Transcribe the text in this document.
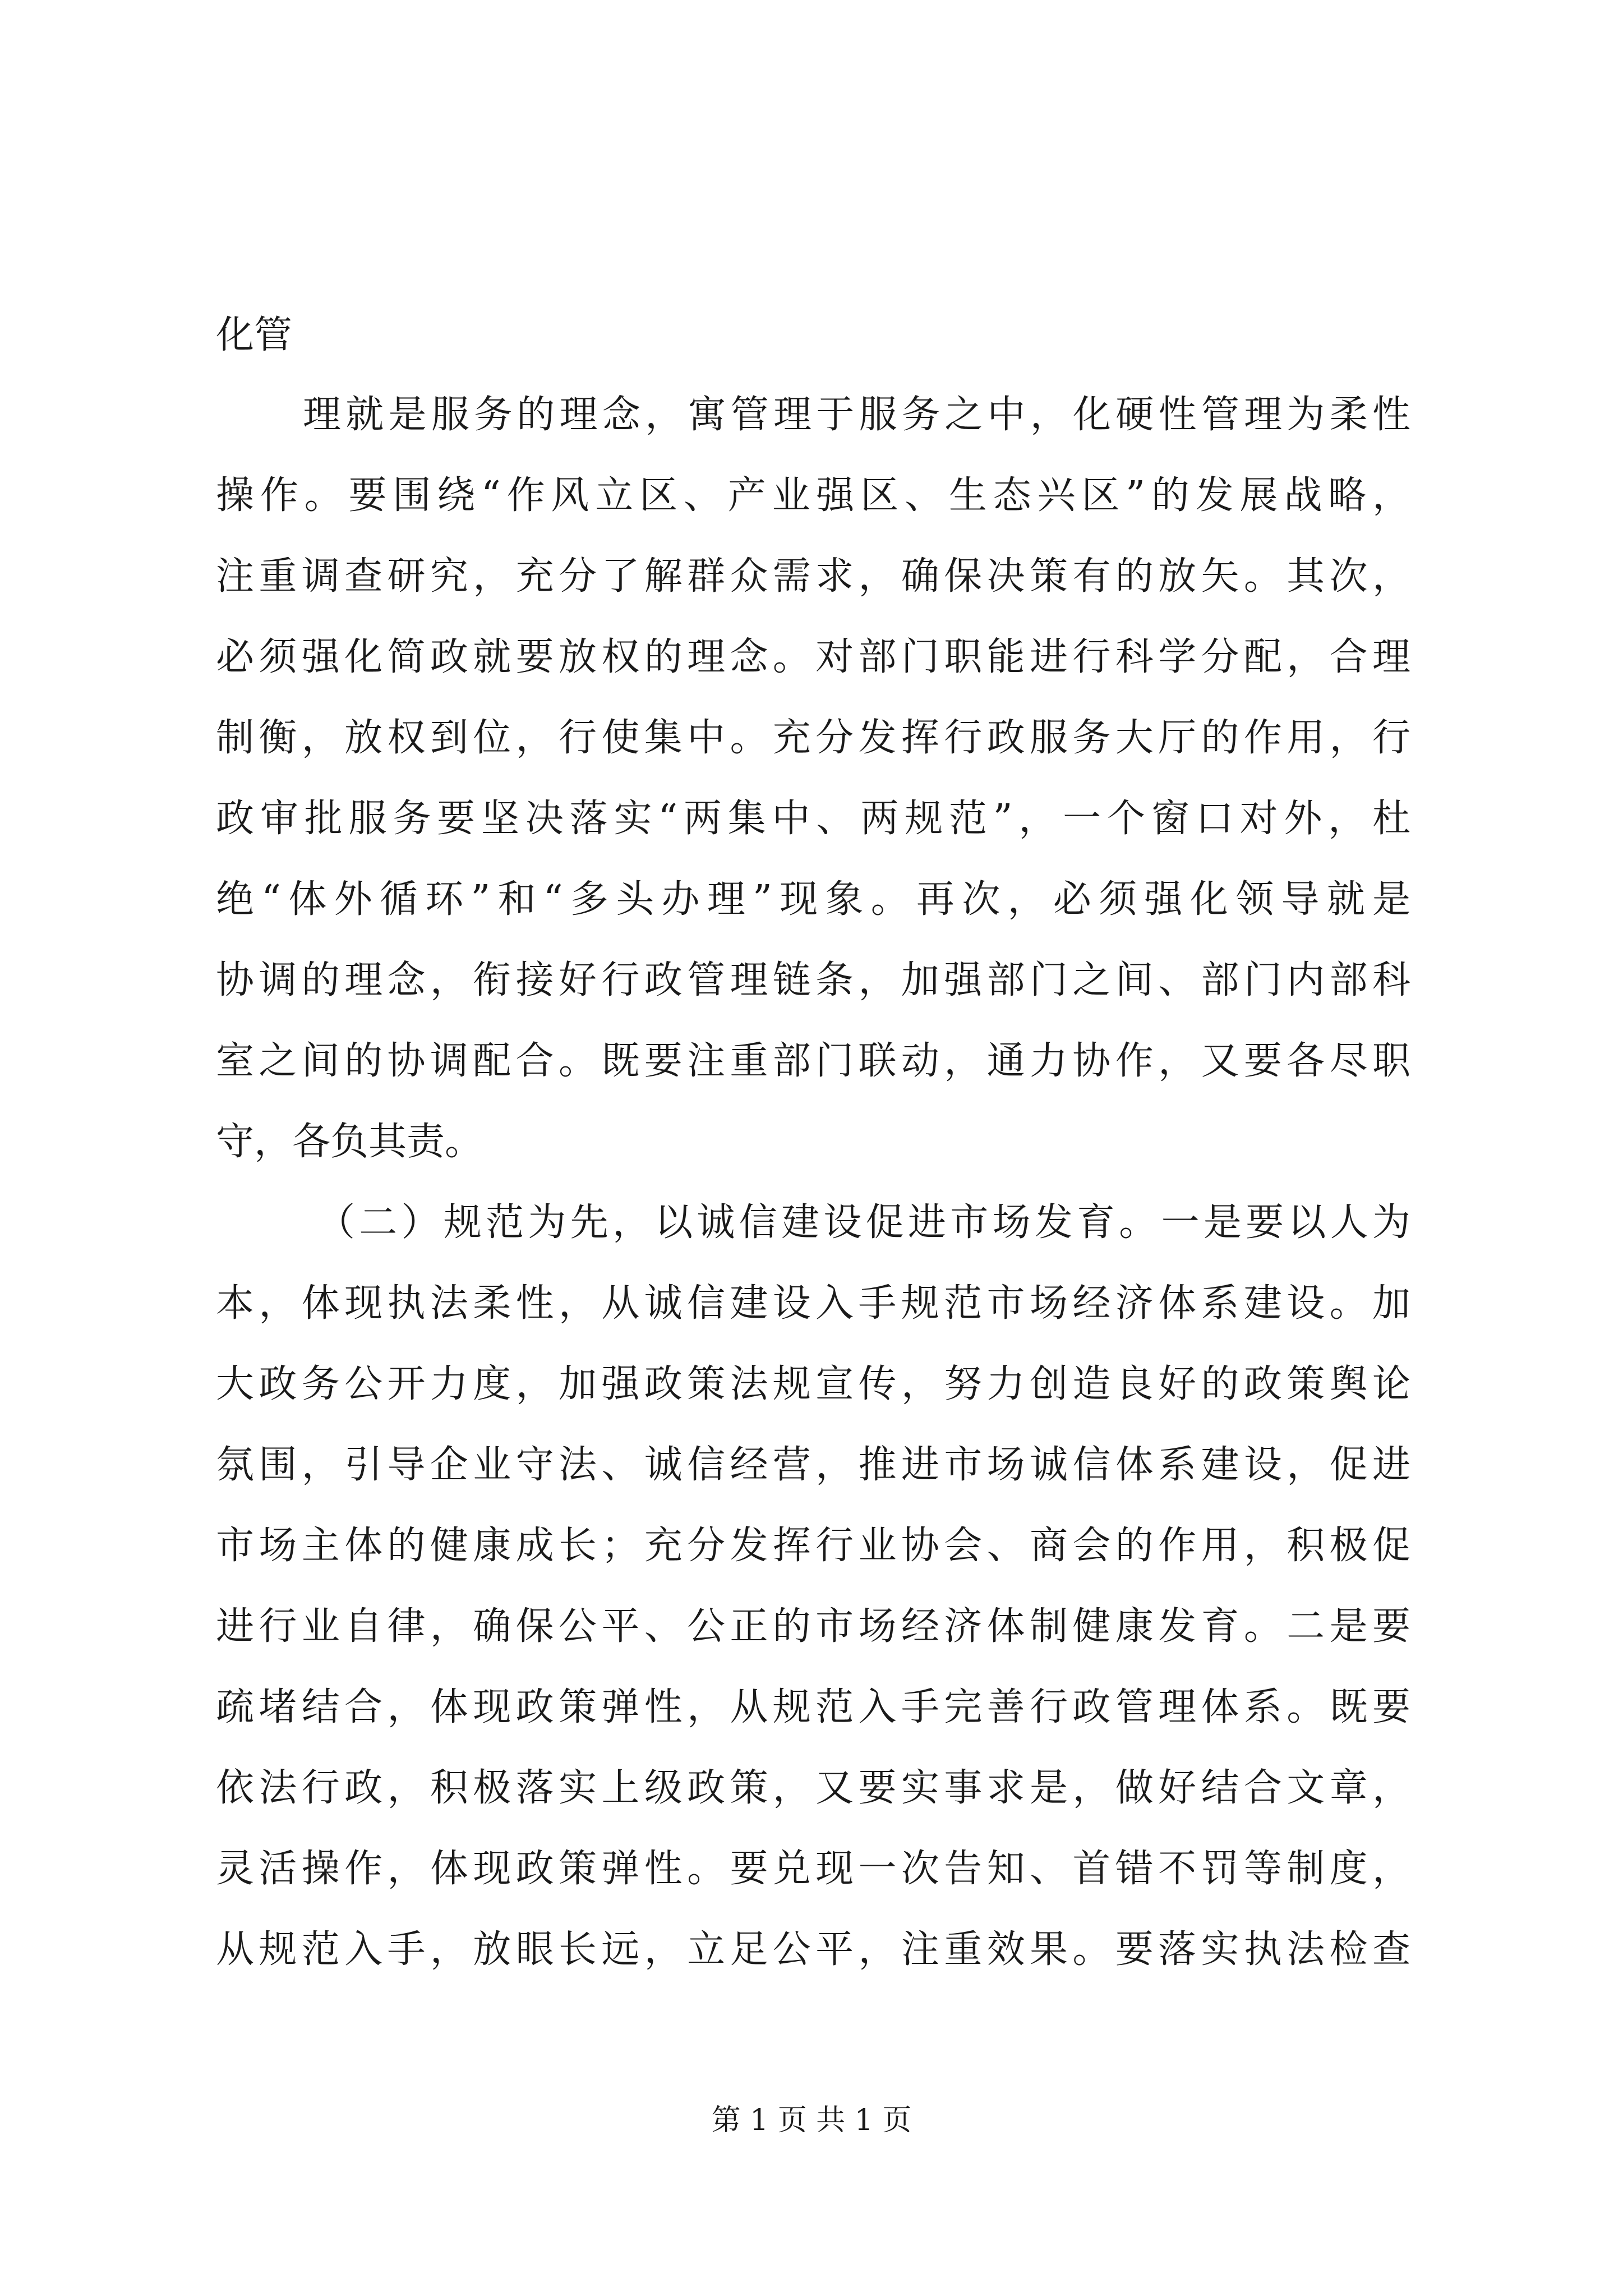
化管
理就是服务的理念，寓管理于服务之中，化硬性管理为柔性
操作。要围绕“作风立区、产业强区、生态兴区”的发展战略，
注重调查研究，充分了解群众需求，确保决策有的放矢。其次，
必须强化简政就要放权的理念。对部门职能进行科学分配，合理
制衡，放权到位，行使集中。充分发挥行政服务大厅的作用，行
政审批服务要坚决落实“两集中、两规范”，一个窗口对外，杜
绝“体外循环”和“多头办理”现象。再次，必须强化领导就是
协调的理念，衔接好行政管理链条，加强部门之间、部门内部科
室之间的协调配合。既要注重部门联动，通力协作，又要各尽职
守，各负其责。
（二）规范为先，以诚信建设促进市场发育。一是要以人为
本，体现执法柔性，从诚信建设入手规范市场经济体系建设。加
大政务公开力度，加强政策法规宣传，努力创造良好的政策舆论
氛围，引导企业守法、诚信经营，推进市场诚信体系建设，促进
市场主体的健康成长；充分发挥行业协会、商会的作用，积极促
进行业自律，确保公平、公正的市场经济体制健康发育。二是要
疏堵结合，体现政策弹性，从规范入手完善行政管理体系。既要
依法行政，积极落实上级政策，又要实事求是，做好结合文章，
灵活操作，体现政策弹性。要兑现一次告知、首错不罚等制度，
从规范入手，放眼长远，立足公平，注重效果。要落实执法检查
第 1 页 共 1 页
